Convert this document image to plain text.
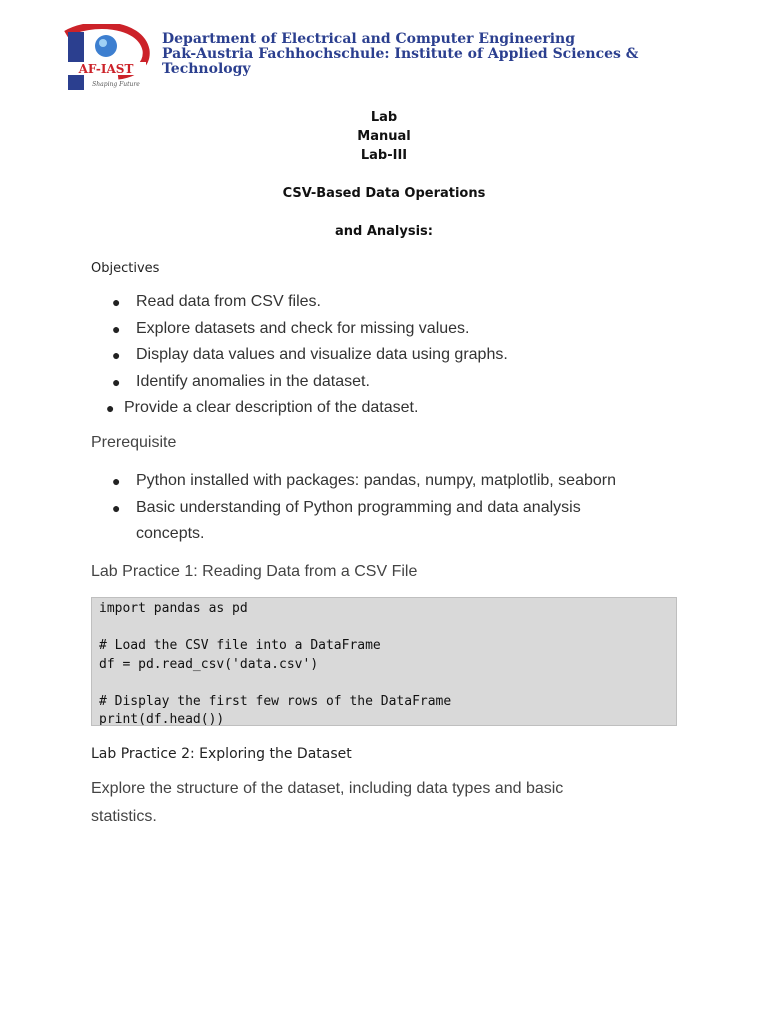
AF-IAST
Shaping Future
Department of Electrical and Computer Engineering
Pak-Austria Fachhochschule: Institute of Applied Sciences &
Technology
Lab
Manual
Lab-III
CSV-Based Data Operations
and Analysis:
Objectives
● Read data from CSV files.
● Explore datasets and check for missing values.
● Display data values and visualize data using graphs.
● Identify anomalies in the dataset.
● Provide a clear description of the dataset.
Prerequisite
● Python installed with packages: pandas, numpy, matplotlib, seaborn
● Basic understanding of Python programming and data analysis concepts.
Lab Practice 1: Reading Data from a CSV File
import pandas as pd
# Load the CSV file into a DataFrame
df = pd.read_csv('data.csv')
# Display the first few rows of the DataFrame
print(df.head())
Lab Practice 2: Exploring the Dataset
Explore the structure of the dataset, including data types and basic statistics.
